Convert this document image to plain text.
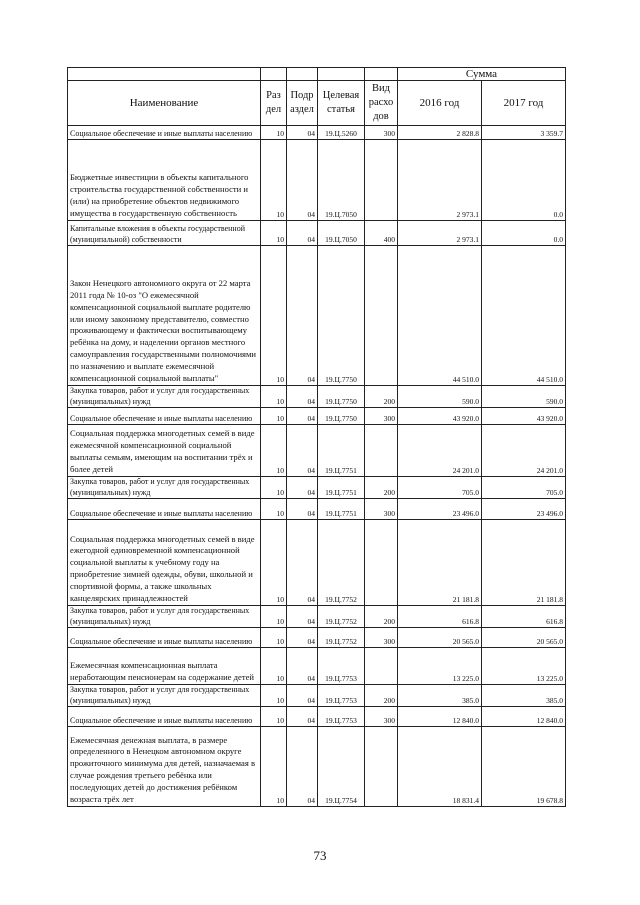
					Сумма	
Наименование	Раз дел	Подр аздел	Целевая статья	Вид расхо дов	2016 год	2017 год
Социальное обеспечение и иные выплаты населению	10	04	19.Ц.5260	300	2 828.8	3 359.7
Бюджетные инвестиции в объекты капитального строительства государственной собственности и (или) на приобретение объектов недвижимого имущества в государственную собственность	10	04	19.Ц.7050		2 973.1	0.0
Капитальные вложения в объекты государственной (муниципальной) собственности	10	04	19.Ц.7050	400	2 973.1	0.0
Закон Ненецкого автономного округа от 22 марта 2011 года № 10-оз "О ежемесячной компенсационной социальной выплате родителю или иному законному представителю, совместно проживающему и фактически воспитывающему ребёнка на дому, и наделении органов местного самоуправления государственными полномочиями по назначению и выплате ежемесячной компенсационной социальной выплаты"	10	04	19.Ц.7750		44 510.0	44 510.0
Закупка товаров, работ и услуг для государственных (муниципальных) нужд	10	04	19.Ц.7750	200	590.0	590.0
Социальное обеспечение и иные выплаты населению	10	04	19.Ц.7750	300	43 920.0	43 920.0
Социальная поддержка многодетных семей в виде ежемесячной компенсационной социальной выплаты семьям, имеющим на воспитании трёх и более детей	10	04	19.Ц.7751		24 201.0	24 201.0
Закупка товаров, работ и услуг для государственных (муниципальных) нужд	10	04	19.Ц.7751	200	705.0	705.0
Социальное обеспечение и иные выплаты населению	10	04	19.Ц.7751	300	23 496.0	23 496.0
Социальная поддержка многодетных семей в виде ежегодной единовременной компенсационной социальной выплаты к учебному году на приобретение зимней одежды, обуви, школьной и спортивной формы, а также школьных канцелярских принадлежностей	10	04	19.Ц.7752		21 181.8	21 181.8
Закупка товаров, работ и услуг для государственных (муниципальных) нужд	10	04	19.Ц.7752	200	616.8	616.8
Социальное обеспечение и иные выплаты населению	10	04	19.Ц.7752	300	20 565.0	20 565.0
Ежемесячная компенсационная выплата неработающим пенсионерам на содержание детей	10	04	19.Ц.7753		13 225.0	13 225.0
Закупка товаров, работ и услуг для государственных (муниципальных) нужд	10	04	19.Ц.7753	200	385.0	385.0
Социальное обеспечение и иные выплаты населению	10	04	19.Ц.7753	300	12 840.0	12 840.0
Ежемесячная денежная выплата, в размере определенного в Ненецком автономном округе прожиточного минимума для детей, назначаемая в случае рождения третьего ребёнка или последующих детей до достижения ребёнком возраста трёх лет	10	04	19.Ц.7754		18 831.4	19 678.8
73
